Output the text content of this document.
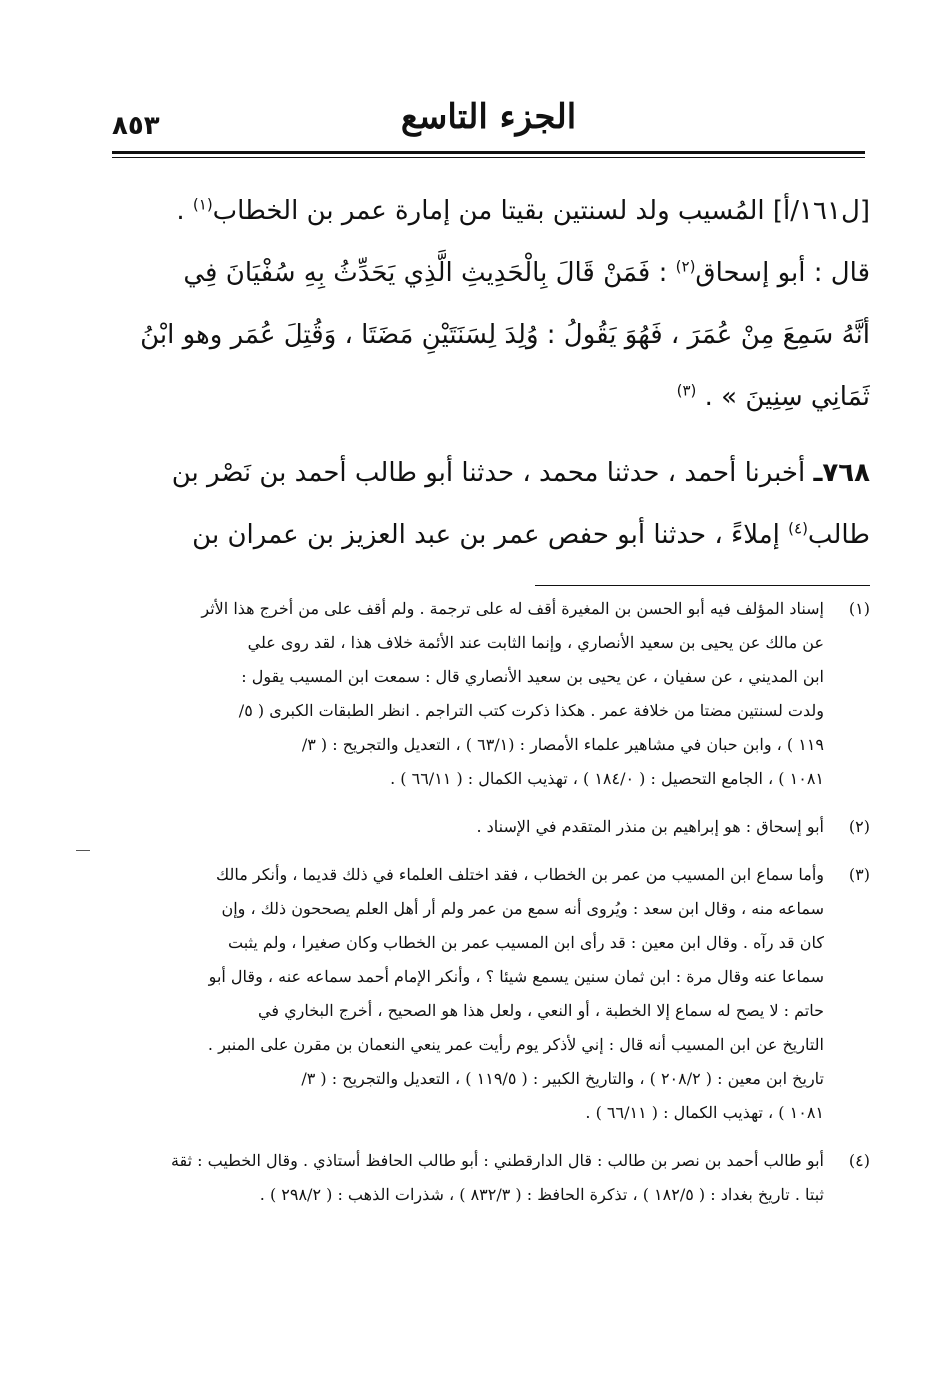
٨٥٣	الجزء التاسع
[ل١٦١/أ] المُسيب ولد لسنتين بقيتا من إمارة عمر بن الخطاب$^{(١)}$ .
قال : أبو إسحاق$^{(٢)}$ : فَمَنْ قَالَ بِالْحَدِيثِ الَّذِي يَحَدِّثُ بِهِ سُفْيَانَ فِي
أنَّهُ سَمِعَ مِنْ عُمَرَ ، فَهُوَ يَقُولُ : وُلِدَ لِسَنَتَيْنِ مَضَتَا ، وَقُتِلَ عُمَر وهو ابْنُ
ثَمَانِي سِنِينَ » . $^{(٣)}$
٧٦٨ـ أخبرنا أحمد ، حدثنا محمد ، حدثنا أبو طالب أحمد بن نَصْر بن
طالب$^{(٤)}$ إملاءً ، حدثنا أبو حفص عمر بن عبد العزيز بن عمران بن
(١)
إسناد المؤلف فيه أبو الحسن بن المغيرة أقف له على ترجمة . ولم أقف على من أخرج هذا الأثر
عن مالك عن يحيى بن سعيد الأنصاري ، وإنما الثابت عند الأئمة خلاف هذا ، لقد روى علي
ابن المديني ، عن سفيان ، عن يحيى بن سعيد الأنصاري قال : سمعت ابن المسيب يقول :
ولدت لسنتين مضتا من خلافة عمر . هكذا ذكرت كتب التراجم . انظر الطبقات الكبرى ( ٥/
١١٩ ) ، وابن حبان في مشاهير علماء الأمصار : (٦٣/١ ) ، التعديل والتجريح : ( ٣/
١٠٨١ ) ، الجامع التحصيل : ( ١٨٤/٠ ) ، تهذيب الكمال : ( ٦٦/١١ ) .
(٢)
أبو إسحاق : هو إبراهيم بن منذر المتقدم في الإسناد .
(٣)
وأما سماع ابن المسيب من عمر بن الخطاب ، فقد اختلف العلماء في ذلك قديما ، وأنكر مالك
سماعه منه ، وقال ابن سعد : ويُروى أنه سمع من عمر ولم أر أهل العلم يصححون ذلك ، وإن
كان قد رآه . وقال ابن معين : قد رأى ابن المسيب عمر بن الخطاب وكان صغيرا ، ولم يثبت
سماعا عنه وقال مرة : ابن ثمان سنين يسمع شيئا ؟ ، وأنكر الإمام أحمد سماعه عنه ، وقال أبو
حاتم : لا يصح له سماع إلا الخطبة ، أو النعي ، ولعل هذا هو الصحيح ، أخرج البخاري في
التاريخ عن ابن المسيب أنه قال : إني لأذكر يوم رأيت عمر ينعي النعمان بن مقرن على المنبر .
تاريخ ابن معين : ( ٢٠٨/٢ ) ، والتاريخ الكبير : ( ١١٩/٥ ) ، التعديل والتجريح : ( ٣/
١٠٨١ ) ، تهذيب الكمال : ( ٦٦/١١ ) .
(٤)
أبو طالب أحمد بن نصر بن طالب : قال الدارقطني : أبو طالب الحافظ أستاذي . وقال الخطيب : ثقة
ثبتا . تاريخ بغداد : ( ١٨٢/٥ ) ، تذكرة الحافظ : ( ٨٣٢/٣ ) ، شذرات الذهب : ( ٢٩٨/٢ ) .
